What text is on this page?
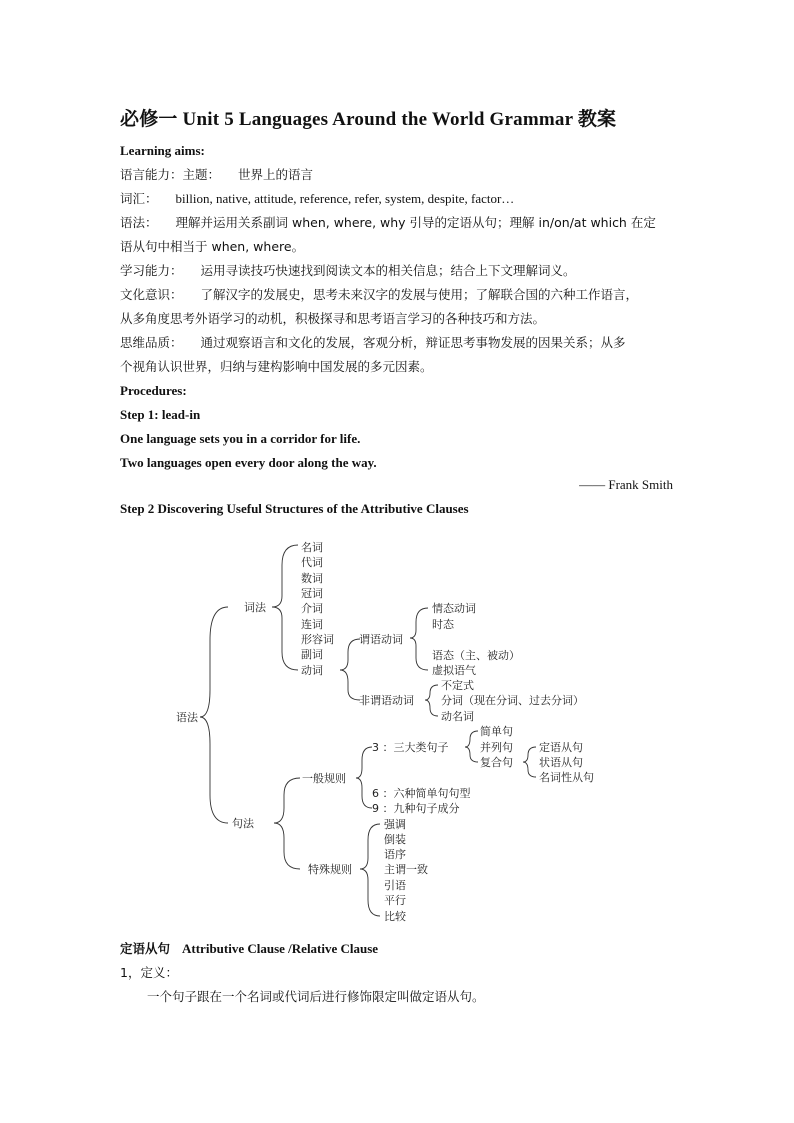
必修一 Unit 5 Languages Around the World Grammar 教案
Learning aims:
语言能力：主题： 世界上的语言
词汇： billion, native, attitude, reference, refer, system, despite, factor…
语法： 理解并运用关系副词 when, where, why 引导的定语从句；理解 in/on/at which 在定
语从句中相当于 when, where。
学习能力： 运用寻读技巧快速找到阅读文本的相关信息；结合上下文理解词义。
文化意识： 了解汉字的发展史，思考未来汉字的发展与使用；了解联合国的六种工作语言，
从多角度思考外语学习的动机，积极探寻和思考语言学习的各种技巧和方法。
思维品质： 通过观察语言和文化的发展，客观分析，辩证思考事物发展的因果关系；从多
个视角认识世界，归纳与建构影响中国发展的多元因素。
Procedures:
Step 1: lead-in
One language sets you in a corridor for life.
Two languages open every door along the way.
—— Frank Smith
Step 2 Discovering Useful Structures of the Attributive Clauses
语法
词法
名词
代词
数词
冠词
介词
连词
形容词
副词
动词
谓语动词
情态动词
时态
语态（主、被动）
虚拟语气
非谓语动词
不定式
分词（现在分词、过去分词）
动名词
句法
一般规则
3 ：三大类句子
简单句
并列句
复合句
定语从句
状语从句
名词性从句
6 ：六种简单句句型
9 ：九种句子成分
特殊规则
强调
倒装
语序
主谓一致
引语
平行
比较
定语从句 Attributive Clause /Relative Clause
1，定义：
一个句子跟在一个名词或代词后进行修饰限定叫做定语从句。
